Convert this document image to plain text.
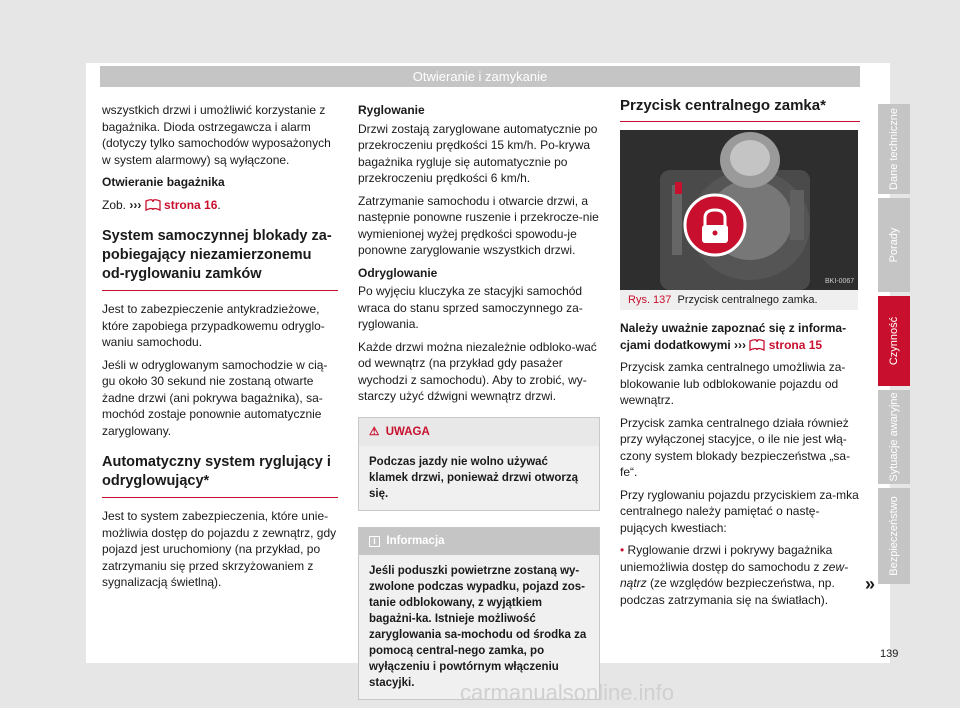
Otwieranie i zamykanie

wszystkich drzwi i umożliwić korzystanie z bagażnika. Dioda ostrzegawcza i alarm (dotyczy tylko samochodów wyposażonych w system alarmowy) są wyłączone.

Otwieranie bagażnika

Zob. ››› strona 16.

System samoczynnej blokady za-pobiegający niezamierzonemu od-ryglowaniu zamków

Jest to zabezpieczenie antykradzieżowe, które zapobiega przypadkowemu odryglo-waniu samochodu.

Jeśli w odryglowanym samochodzie w cią-gu około 30 sekund nie zostaną otwarte żadne drzwi (ani pokrywa bagażnika), sa-mochód zostaje ponownie automatycznie zaryglowany.

Automatyczny system ryglujący i odryglowujący*

Jest to system zabezpieczenia, które unie-możliwia dostęp do pojazdu z zewnątrz, gdy pojazd jest uruchomiony (na przykład, po zatrzymaniu się przed skrzyżowaniem z sygnalizacją świetlną).

Ryglowanie

Drzwi zostają zaryglowane automatycznie po przekroczeniu prędkości 15 km/h. Po-krywa bagażnika rygluje się automatycznie po przekroczeniu prędkości 6 km/h.

Zatrzymanie samochodu i otwarcie drzwi, a następnie ponowne ruszenie i przekrocze-nie wymienionej wyżej prędkości spowodu-je ponowne zaryglowanie wszystkich drzwi.

Odryglowanie

Po wyjęciu kluczyka ze stacyjki samochód wraca do stanu sprzed samoczynnego za-ryglowania.

Każde drzwi można niezależnie odbloko-wać od wewnątrz (na przykład gdy pasażer wychodzi z samochodu). Aby to zrobić, wy-starczy użyć dźwigni wewnątrz drzwi.

⚠ UWAGA
Podczas jazdy nie wolno używać klamek drzwi, ponieważ drzwi otworzą się.
i Informacja
Jeśli poduszki powietrzne zostaną wy-zwolone podczas wypadku, pojazd zos-tanie odblokowany, z wyjątkiem bagażni-ka. Istnieje możliwość zaryglowania sa-mochodu od środka za pomocą central-nego zamka, po wyłączeniu i powtórnym włączeniu stacyjki.
Przycisk centralnego zamka*
BKI-0067
Rys. 137 Przycisk centralnego zamka.

Należy uważnie zapoznać się z informa-cjami dodatkowymi ››› strona 15

Przycisk zamka centralnego umożliwia za-blokowanie lub odblokowanie pojazdu od wewnątrz.

Przycisk zamka centralnego działa również przy wyłączonej stacyjce, o ile nie jest włą-czony system blokady bezpieczeństwa „sa-fe“.

Przy ryglowaniu pojazdu przyciskiem za-mka centralnego należy pamiętać o nastę-pujących kwestiach:

• Ryglowanie drzwi i pokrywy bagażnika uniemożliwia dostęp do samochodu z zew-nątrz (ze względów bezpieczeństwa, np. podczas zatrzymania się na światłach).

Dane techniczne
Porady
Czynność
Sytuacje awaryjne
Bezpieczeństwo
»
139
carmanualsonline.info
